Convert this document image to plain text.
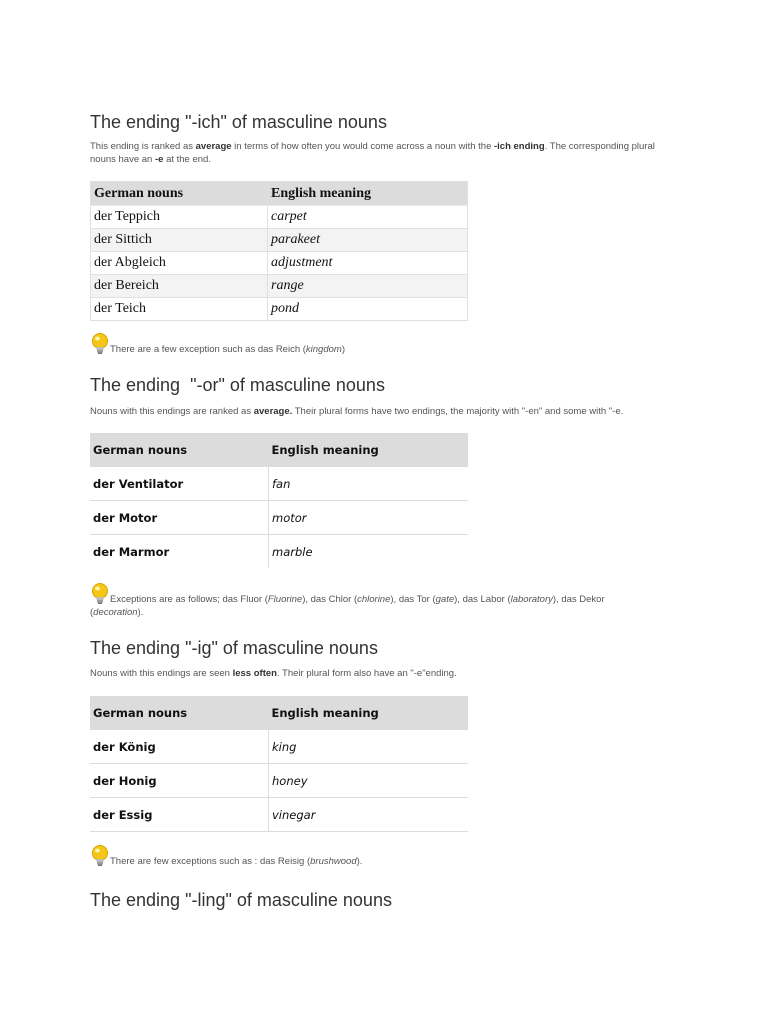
The ending "-ich" of masculine nouns
This ending is ranked as average in terms of how often you would come across a noun with the -ich ending. The corresponding plural nouns have an -e at the end.
German nouns	English meaning
der Teppich	carpet
der Sittich	parakeet
der Abgleich	adjustment
der Bereich	range
der Teich	pond
There are a few exception such as das Reich (kingdom)
The ending  "-or" of masculine nouns
Nouns with this endings are ranked as average. Their plural forms have two endings, the majority with "-en" and some with "-e.
German nouns	English meaning
der Ventilator	fan
der Motor	motor
der Marmor	marble
Exceptions are as follows; das Fluor (Fluorine), das Chlor (chlorine), das Tor (gate), das Labor (laboratory), das Dekor (decoration).
The ending "-ig" of masculine nouns
Nouns with this endings are seen less often. Their plural form also have an "-e"ending.
German nouns	English meaning
der König	king
der Honig	honey
der Essig	vinegar
There are few exceptions such as : das Reisig (brushwood).
The ending "-ling" of masculine nouns
